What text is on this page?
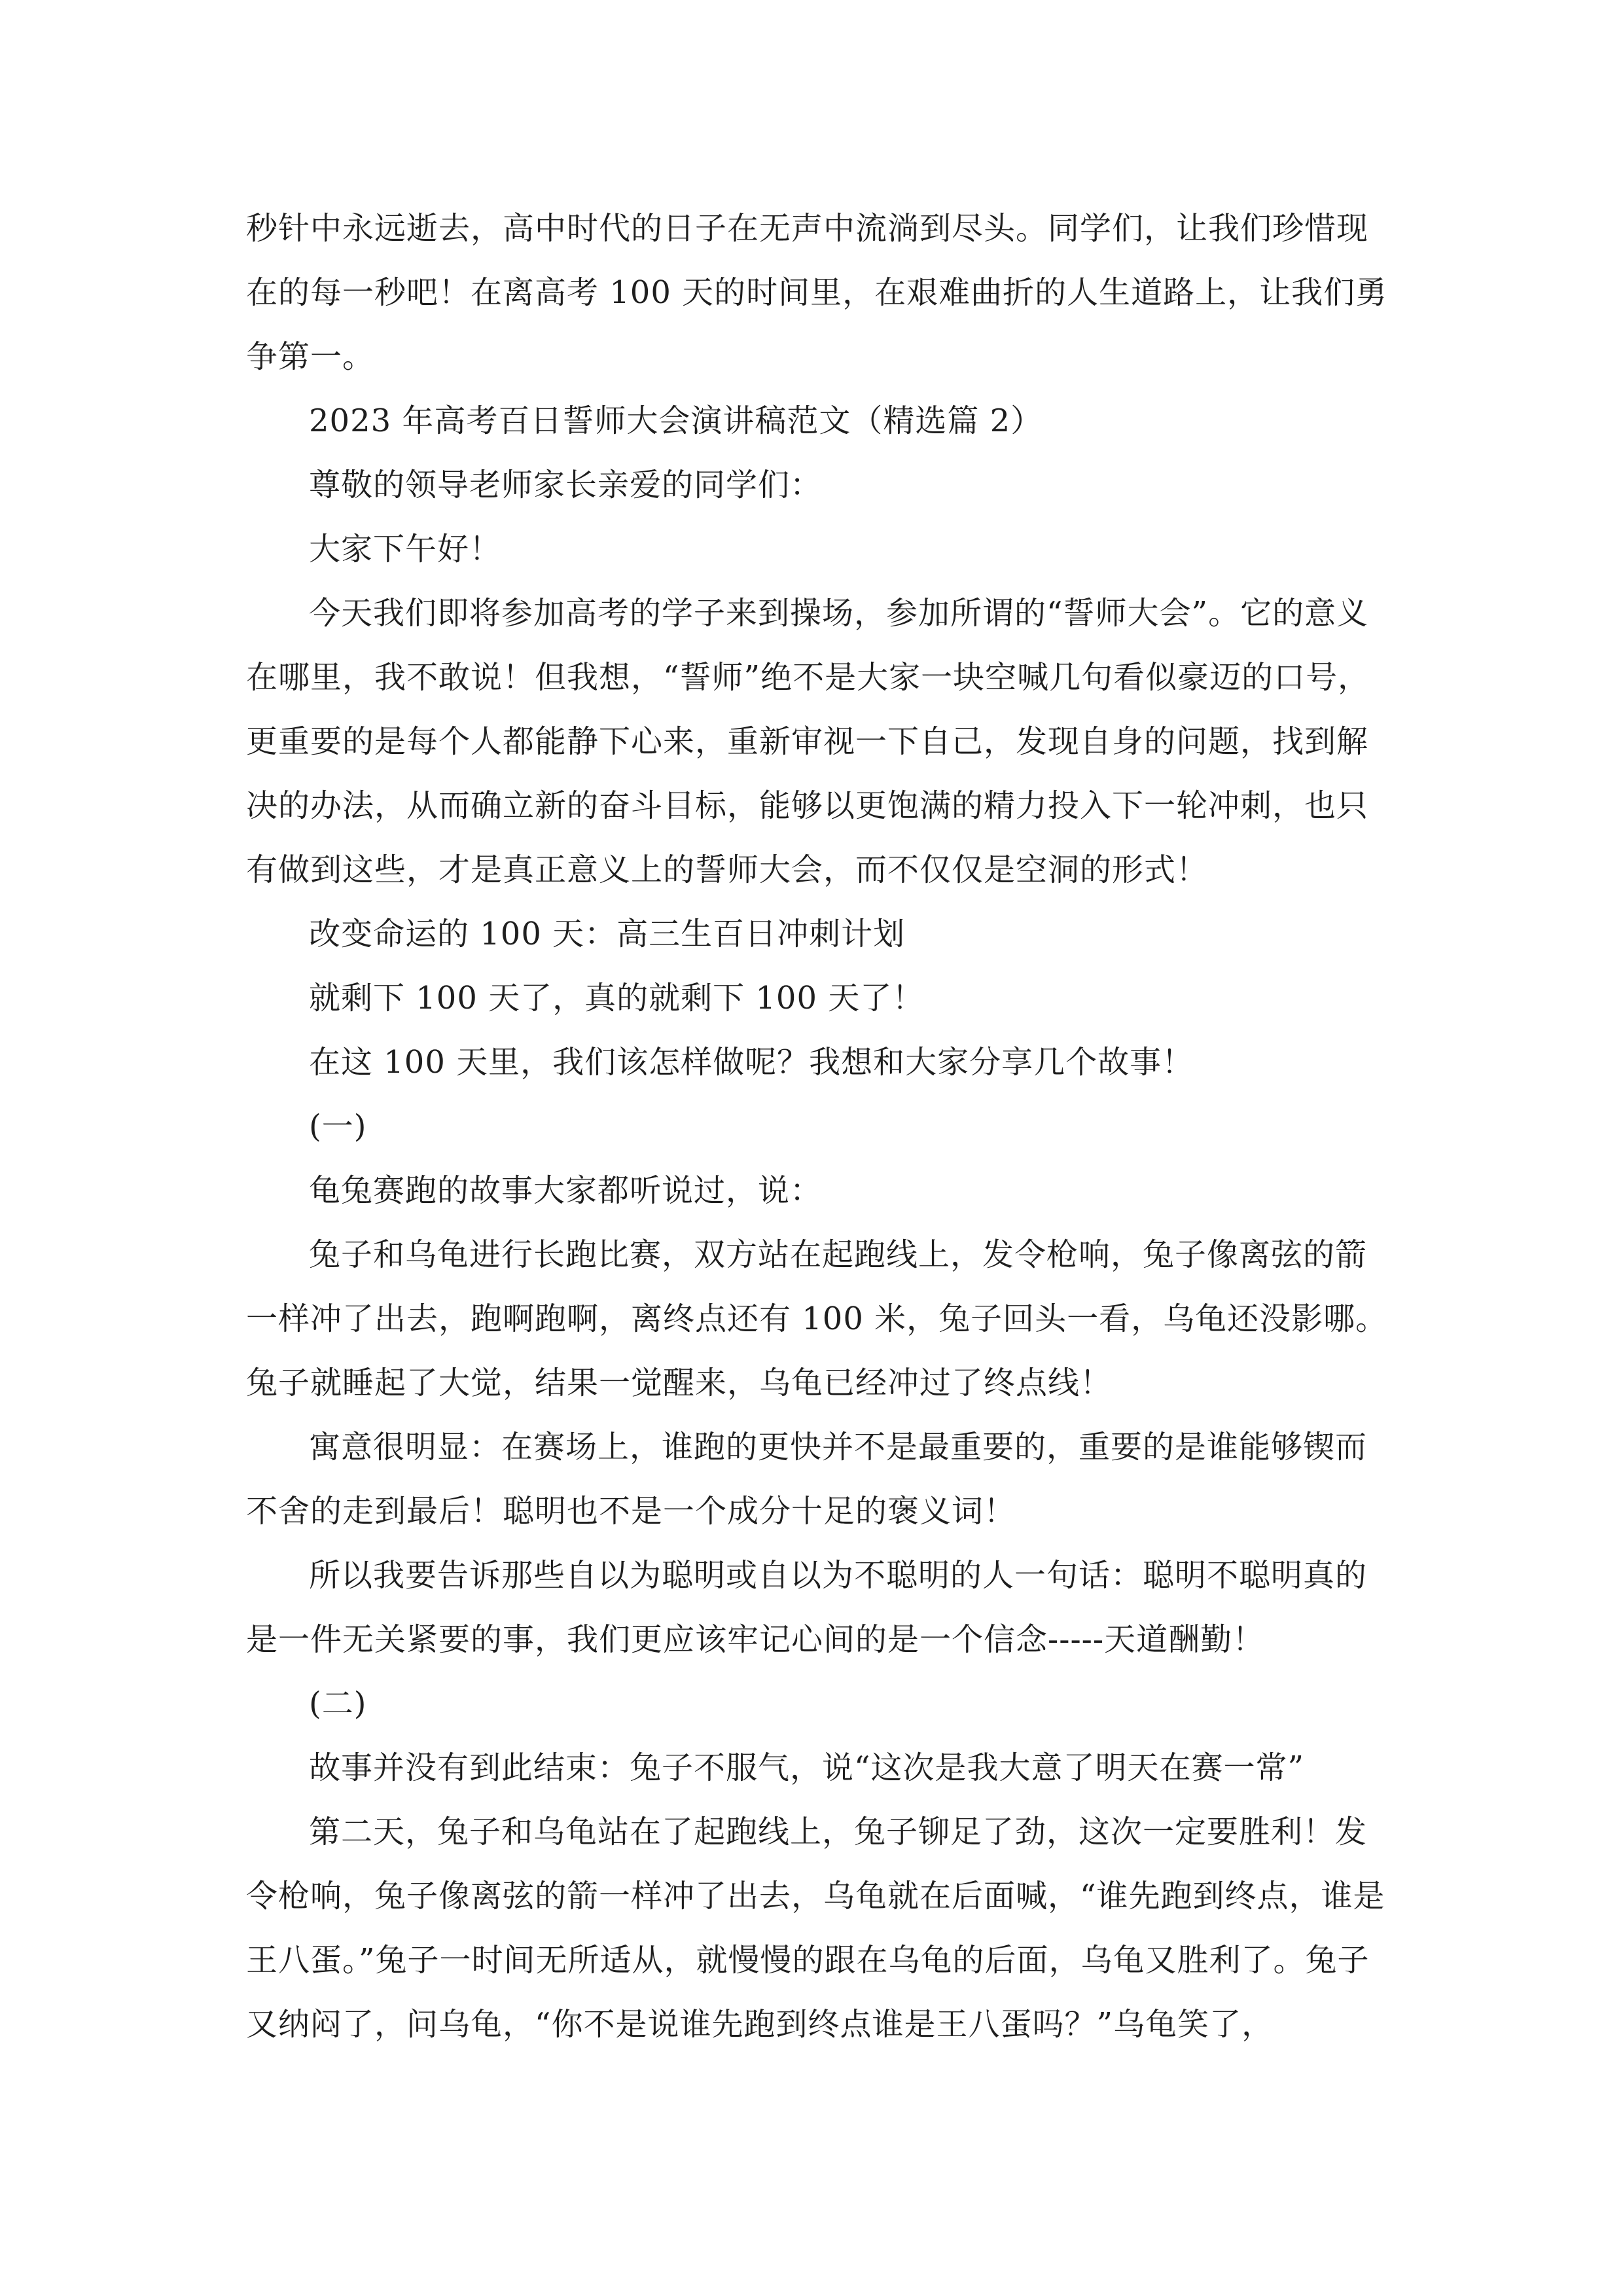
秒针中永远逝去，高中时代的日子在无声中流淌到尽头。同学们，让我们珍惜现在的每一秒吧！在离高考 100 天的时间里，在艰难曲折的人生道路上，让我们勇争第一。

2023 年高考百日誓师大会演讲稿范文（精选篇 2）

尊敬的领导老师家长亲爱的同学们：

大家下午好！

今天我们即将参加高考的学子来到操场，参加所谓的“誓师大会”。它的意义在哪里，我不敢说！但我想，“誓师”绝不是大家一块空喊几句看似豪迈的口号，更重要的是每个人都能静下心来，重新审视一下自己，发现自身的问题，找到解决的办法，从而确立新的奋斗目标，能够以更饱满的精力投入下一轮冲刺，也只有做到这些，才是真正意义上的誓师大会，而不仅仅是空洞的形式！

改变命运的 100 天：高三生百日冲刺计划

就剩下 100 天了，真的就剩下 100 天了！

在这 100 天里，我们该怎样做呢？我想和大家分享几个故事！

(一)

龟兔赛跑的故事大家都听说过，说：

兔子和乌龟进行长跑比赛，双方站在起跑线上，发令枪响，兔子像离弦的箭一样冲了出去，跑啊跑啊，离终点还有 100 米，兔子回头一看，乌龟还没影哪。兔子就睡起了大觉，结果一觉醒来，乌龟已经冲过了终点线！

寓意很明显：在赛场上，谁跑的更快并不是最重要的，重要的是谁能够锲而不舍的走到最后！聪明也不是一个成分十足的褒义词！

所以我要告诉那些自以为聪明或自以为不聪明的人一句话：聪明不聪明真的是一件无关紧要的事，我们更应该牢记心间的是一个信念-----天道酬勤！

(二)

故事并没有到此结束：兔子不服气，说“这次是我大意了明天在赛一常”

第二天，兔子和乌龟站在了起跑线上，兔子铆足了劲，这次一定要胜利！发令枪响，兔子像离弦的箭一样冲了出去，乌龟就在后面喊，“谁先跑到终点，谁是王八蛋。”兔子一时间无所适从，就慢慢的跟在乌龟的后面，乌龟又胜利了。兔子又纳闷了，问乌龟，“你不是说谁先跑到终点谁是王八蛋吗？”乌龟笑了，
